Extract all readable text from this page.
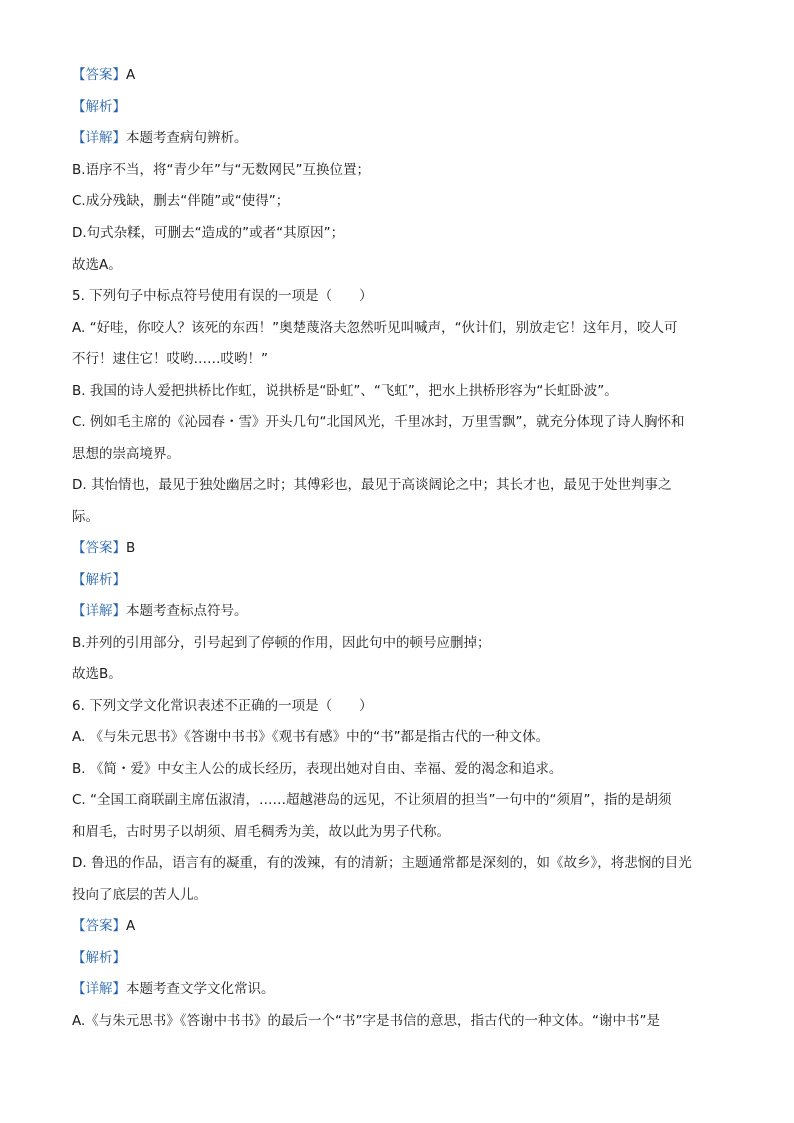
【答案】A
【解析】
【详解】本题考查病句辨析。
B.语序不当，将“青少年”与“无数网民”互换位置；
C.成分残缺，删去“伴随”或“使得”；
D.句式杂糅，可删去“造成的”或者“其原因”；
故选A。
5. 下列句子中标点符号使用有误的一项是（　　）
A. “好哇，你咬人？该死的东西！”奥楚蔑洛夫忽然听见叫喊声，“伙计们，别放走它！这年月，咬人可
不行！逮住它！哎哟……哎哟！”
B. 我国的诗人爱把拱桥比作虹，说拱桥是“卧虹”、“飞虹”，把水上拱桥形容为“长虹卧波”。
C. 例如毛主席的《沁园春・雪》开头几句“北国风光，千里冰封，万里雪飘”，就充分体现了诗人胸怀和
思想的崇高境界。
D. 其怡情也，最见于独处幽居之时；其傅彩也，最见于高谈阔论之中；其长才也，最见于处世判事之
际。
【答案】B
【解析】
【详解】本题考查标点符号。
B.并列的引用部分，引号起到了停顿的作用，因此句中的顿号应删掉；
故选B。
6. 下列文学文化常识表述不正确的一项是（　　）
A. 《与朱元思书》《答谢中书书》《观书有感》中的“书”都是指古代的一种文体。
B. 《简・爱》中女主人公的成长经历，表现出她对自由、幸福、爱的渴念和追求。
C. “全国工商联副主席伍淑清，……超越港岛的远见，不让须眉的担当”一句中的“须眉”，指的是胡须
和眉毛，古时男子以胡须、眉毛稠秀为美，故以此为男子代称。
D. 鲁迅的作品，语言有的凝重，有的泼辣，有的清新；主题通常都是深刻的，如《故乡》，将悲悯的目光
投向了底层的苦人儿。
【答案】A
【解析】
【详解】本题考查文学文化常识。
A.《与朱元思书》《答谢中书书》的最后一个“书”字是书信的意思，指古代的一种文体。“谢中书”是
